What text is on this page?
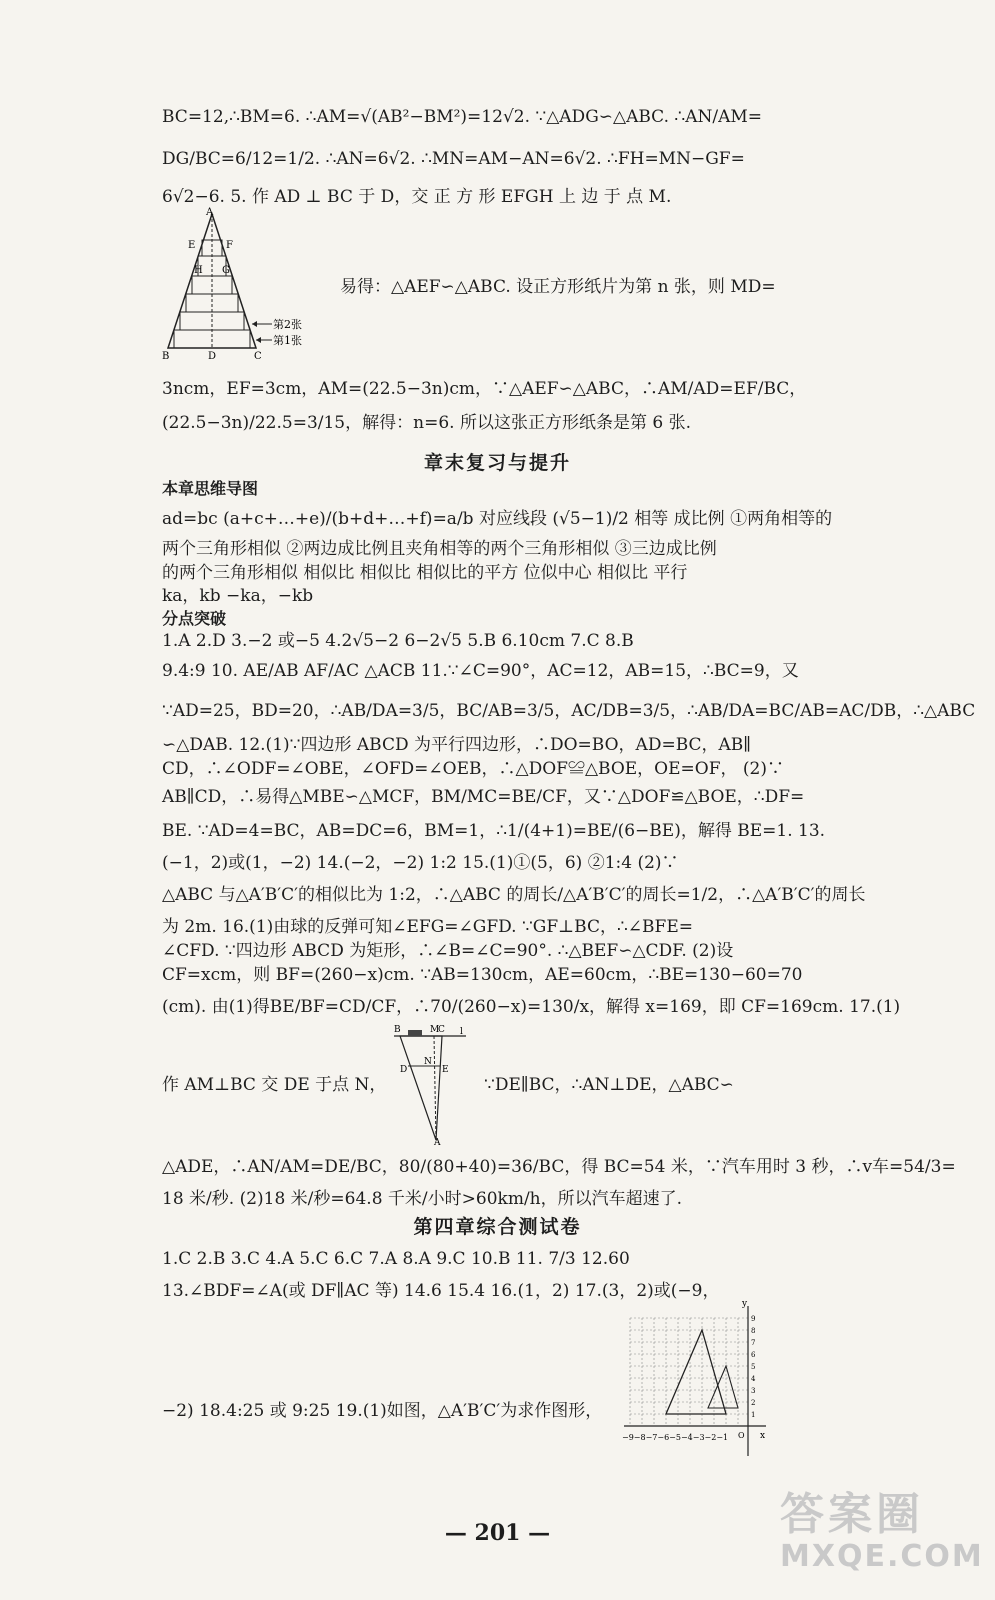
BC=12,∴BM=6. ∴AM=√(AB²−BM²)=12√2. ∵△ADG∽△ABC. ∴AN/AM=
DG/BC=6/12=1/2. ∴AN=6√2. ∴MN=AM−AN=6√2. ∴FH=MN−GF=
6√2−6. 5. 作 AD ⊥ BC 于 D，交 正 方 形 EFGH 上 边 于 点 M.
A
E	F
H G
B	D	C
第2张
第1张
易得：△AEF∽△ABC. 设正方形纸片为第 n 张，则 MD=
3ncm，EF=3cm，AM=(22.5−3n)cm，∵△AEF∽△ABC，∴AM/AD=EF/BC，
(22.5−3n)/22.5=3/15，解得：n=6. 所以这张正方形纸条是第 6 张.
章末复习与提升
本章思维导图
ad=bc (a+c+…+e)/(b+d+…+f)=a/b 对应线段 (√5−1)/2 相等 成比例 ①两角相等的
两个三角形相似 ②两边成比例且夹角相等的两个三角形相似 ③三边成比例
的两个三角形相似 相似比 相似比 相似比的平方 位似中心 相似比 平行
ka，kb −ka，−kb
分点突破
1.A 2.D 3.−2 或−5 4.2√5−2 6−2√5 5.B 6.10cm 7.C 8.B
9.4:9 10. AE/AB AF/AC △ACB 11.∵∠C=90°，AC=12，AB=15，∴BC=9，又
∵AD=25，BD=20，∴AB/DA=3/5，BC/AB=3/5，AC/DB=3/5，∴AB/DA=BC/AB=AC/DB，∴△ABC
∽△DAB. 12.(1)∵四边形 ABCD 为平行四边形，∴DO=BO，AD=BC，AB∥
CD，∴∠ODF=∠OBE，∠OFD=∠OEB，∴△DOF≌△BOE，OE=OF， (2)∵
AB∥CD，∴易得△MBE∽△MCF，BM/MC=BE/CF，又∵△DOF≌△BOE，∴DF=
BE. ∵AD=4=BC，AB=DC=6，BM=1，∴1/(4+1)=BE/(6−BE)，解得 BE=1. 13.
(−1，2)或(1，−2) 14.(−2，−2) 1:2 15.(1)①(5，6) ②1:4 (2)∵
△ABC 与△A′B′C′的相似比为 1:2，∴△ABC 的周长/△A′B′C′的周长=1/2，∴△A′B′C′的周长
为 2m. 16.(1)由球的反弹可知∠EFG=∠GFD. ∵GF⊥BC，∴∠BFE=
∠CFD. ∵四边形 ABCD 为矩形，∴∠B=∠C=90°. ∴△BEF∽△CDF. (2)设
CF=xcm，则 BF=(260−x)cm. ∵AB=130cm，AE=60cm，∴BE=130−60=70
(cm). 由(1)得BE/BF=CD/CF，∴70/(260−x)=130/x，解得 x=169，即 CF=169cm. 17.(1)
B	M
C l
N
D	E
A
作 AM⊥BC 交 DE 于点 N，	∵DE∥BC，∴AN⊥DE，△ABC∽
△ADE，∴AN/AM=DE/BC，80/(80+40)=36/BC，得 BC=54 米，∵汽车用时 3 秒，∴v车=54/3=
18 米/秒. (2)18 米/秒=64.8 千米/小时>60km/h，所以汽车超速了.
第四章综合测试卷
1.C 2.B 3.C 4.A 5.C 6.C 7.A 8.A 9.C 10.B 11. 7/3 12.60
13.∠BDF=∠A(或 DF∥AC 等) 14.6 15.4 16.(1，2) 17.(3，2)或(−9，
−2) 18.4:25 或 9:25 19.(1)如图，△A′B′C′为求作图形，
y
x
O
−9−8−7−6−5−4−3−2−1
9
8
7
6
5
4
3
2
1
— 201 —	答案圈
MXQE.COM
